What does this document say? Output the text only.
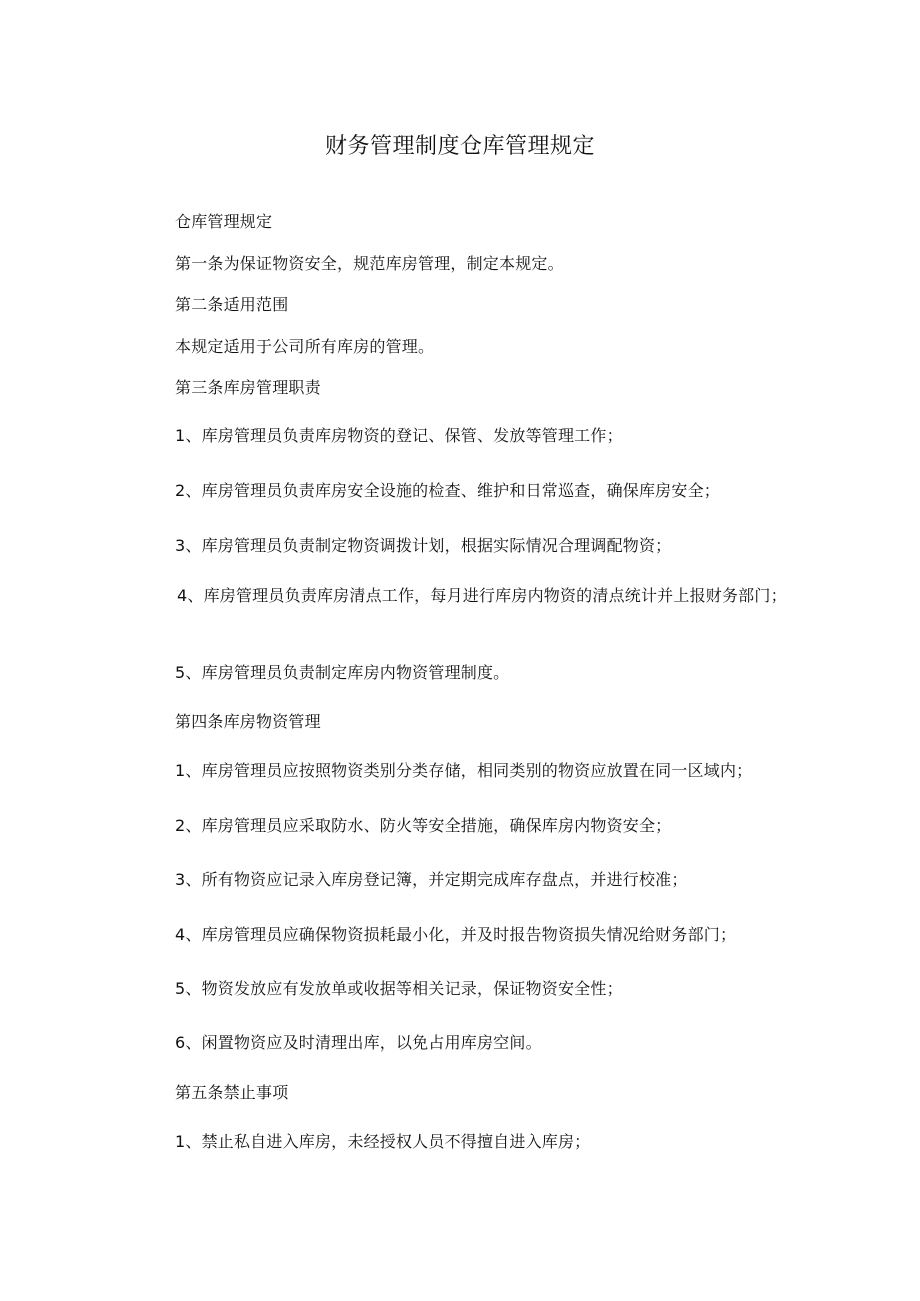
财务管理制度仓库管理规定
仓库管理规定
第一条为保证物资安全，规范库房管理，制定本规定。
第二条适用范围
本规定适用于公司所有库房的管理。
第三条库房管理职责
1、库房管理员负责库房物资的登记、保管、发放等管理工作；
2、库房管理员负责库房安全设施的检查、维护和日常巡查，确保库房安全；
3、库房管理员负责制定物资调拨计划，根据实际情况合理调配物资；
4、库房管理员负责库房清点工作，每月进行库房内物资的清点统计并上报财务部门；
5、库房管理员负责制定库房内物资管理制度。
第四条库房物资管理
1、库房管理员应按照物资类别分类存储，相同类别的物资应放置在同一区域内；
2、库房管理员应采取防水、防火等安全措施，确保库房内物资安全；
3、所有物资应记录入库房登记簿，并定期完成库存盘点，并进行校准；
4、库房管理员应确保物资损耗最小化，并及时报告物资损失情况给财务部门；
5、物资发放应有发放单或收据等相关记录，保证物资安全性；
6、闲置物资应及时清理出库，以免占用库房空间。
第五条禁止事项
1、禁止私自进入库房，未经授权人员不得擅自进入库房；
